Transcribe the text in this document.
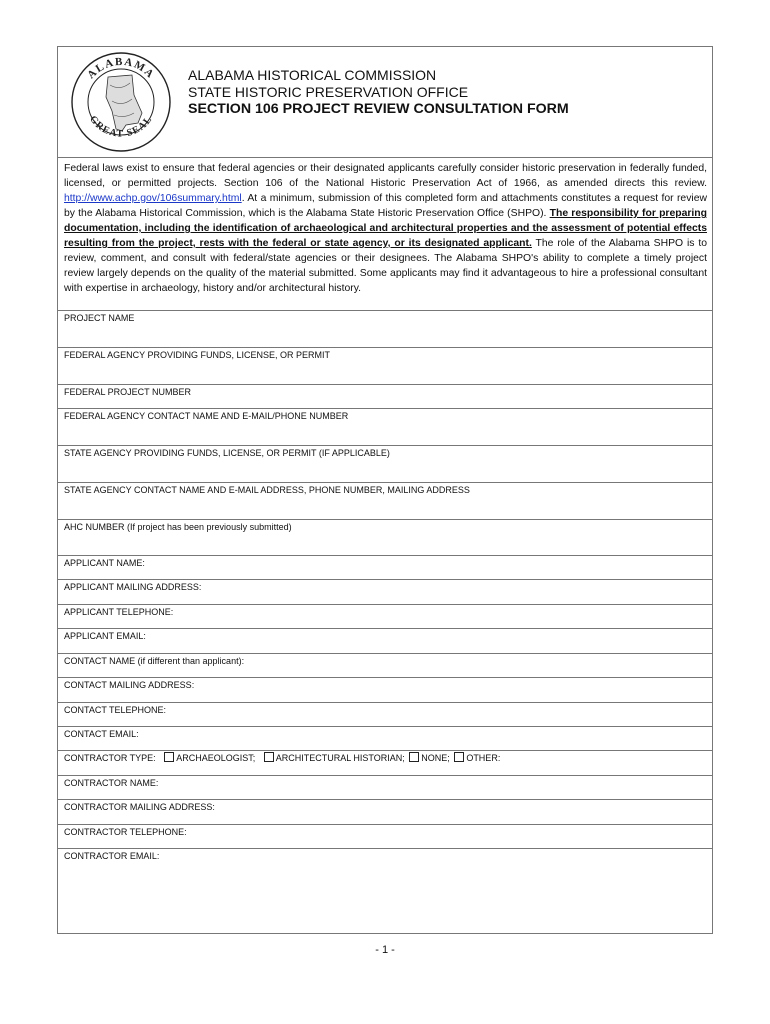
ALABAMA
GREAT SEAL
ALABAMA HISTORICAL COMMISSION
STATE HISTORIC PRESERVATION OFFICE
SECTION 106 PROJECT REVIEW CONSULTATION FORM
Federal laws exist to ensure that federal agencies or their designated applicants carefully consider historic preservation in federally funded, licensed, or permitted projects. Section 106 of the National Historic Preservation Act of 1966, as amended directs this review. http://www.achp.gov/106summary.html. At a minimum, submission of this completed form and attachments constitutes a request for review by the Alabama Historical Commission, which is the Alabama State Historic Preservation Office (SHPO). The responsibility for preparing documentation, including the identification of archaeological and architectural properties and the assessment of potential effects resulting from the project, rests with the federal or state agency, or its designated applicant. The role of the Alabama SHPO is to review, comment, and consult with federal/state agencies or their designees. The Alabama SHPO's ability to complete a timely project review largely depends on the quality of the material submitted. Some applicants may find it advantageous to hire a professional consultant with expertise in archaeology, history and/or architectural history.
PROJECT NAME
FEDERAL AGENCY PROVIDING FUNDS, LICENSE, OR PERMIT
FEDERAL PROJECT NUMBER
FEDERAL AGENCY CONTACT NAME AND E-MAIL/PHONE NUMBER
STATE AGENCY PROVIDING FUNDS, LICENSE, OR PERMIT (IF APPLICABLE)
STATE AGENCY CONTACT NAME AND E-MAIL ADDRESS, PHONE NUMBER, MAILING ADDRESS
AHC NUMBER (If project has been previously submitted)
APPLICANT NAME:
APPLICANT MAILING ADDRESS:
APPLICANT TELEPHONE:
APPLICANT EMAIL:
CONTACT NAME (if different than applicant):
CONTACT MAILING ADDRESS:
CONTACT TELEPHONE:
CONTACT EMAIL:
CONTRACTOR TYPE: ARCHAEOLOGIST; ARCHITECTURAL HISTORIAN; NONE; OTHER:
CONTRACTOR NAME:
CONTRACTOR MAILING ADDRESS:
CONTRACTOR TELEPHONE:
CONTRACTOR EMAIL:
- 1 -
